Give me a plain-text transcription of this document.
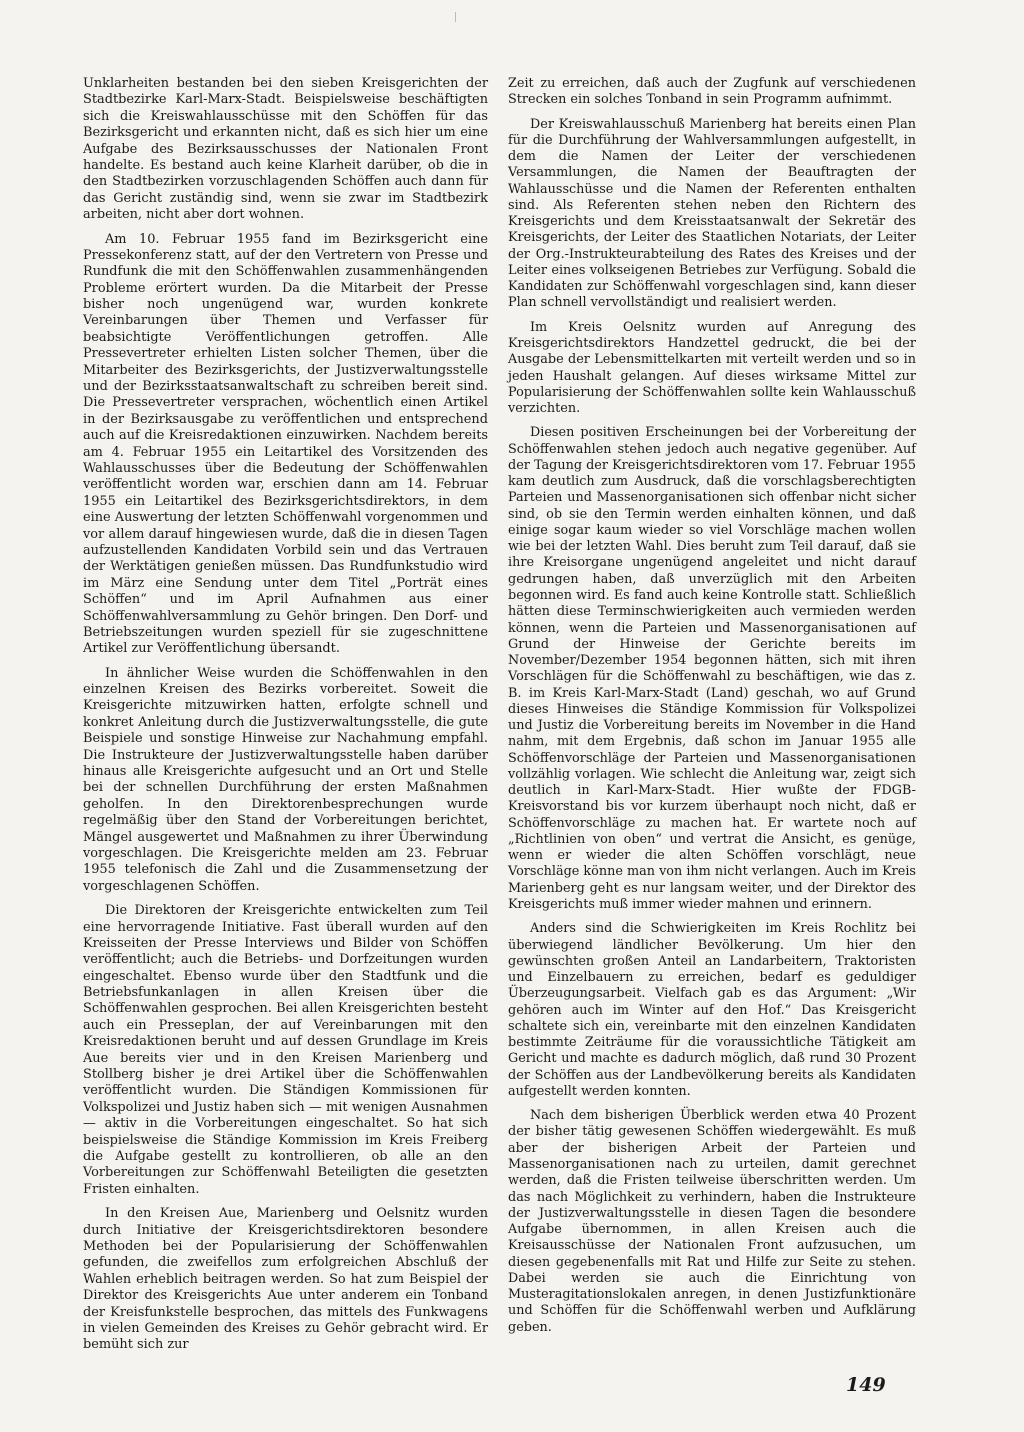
Unklarheiten bestanden bei den sieben Kreisgerichten der Stadtbezirke Karl-Marx-Stadt. Beispielsweise beschäftigten sich die Kreiswahlausschüsse mit den Schöffen für das Bezirksgericht und erkannten nicht, daß es sich hier um eine Aufgabe des Bezirksausschusses der Nationalen Front handelte. Es bestand auch keine Klarheit darüber, ob die in den Stadtbezirken vorzuschlagenden Schöffen auch dann für das Gericht zuständig sind, wenn sie zwar im Stadtbezirk arbeiten, nicht aber dort wohnen.

Am 10. Februar 1955 fand im Bezirksgericht eine Pressekonferenz statt, auf der den Vertretern von Presse und Rundfunk die mit den Schöffenwahlen zusammenhängenden Probleme erörtert wurden. Da die Mitarbeit der Presse bisher noch ungenügend war, wurden konkrete Vereinbarungen über Themen und Verfasser für beabsichtigte Veröffentlichungen getroffen. Alle Pressevertreter erhielten Listen solcher Themen, über die Mitarbeiter des Bezirksgerichts, der Justizverwaltungsstelle und der Bezirksstaatsanwaltschaft zu schreiben bereit sind. Die Pressevertreter versprachen, wöchentlich einen Artikel in der Bezirksausgabe zu veröffentlichen und entsprechend auch auf die Kreisredaktionen einzuwirken. Nachdem bereits am 4. Februar 1955 ein Leitartikel des Vorsitzenden des Wahlausschusses über die Bedeutung der Schöffenwahlen veröffentlicht worden war, erschien dann am 14. Februar 1955 ein Leitartikel des Bezirksgerichtsdirektors, in dem eine Auswertung der letzten Schöffenwahl vorgenommen und vor allem darauf hingewiesen wurde, daß die in diesen Tagen aufzustellenden Kandidaten Vorbild sein und das Vertrauen der Werktätigen genießen müssen. Das Rundfunkstudio wird im März eine Sendung unter dem Titel „Porträt eines Schöffen“ und im April Aufnahmen aus einer Schöffenwahlversammlung zu Gehör bringen. Den Dorf- und Betriebszeitungen wurden speziell für sie zugeschnittene Artikel zur Veröffentlichung übersandt.

In ähnlicher Weise wurden die Schöffenwahlen in den einzelnen Kreisen des Bezirks vorbereitet. Soweit die Kreisgerichte mitzuwirken hatten, erfolgte schnell und konkret Anleitung durch die Justizverwaltungsstelle, die gute Beispiele und sonstige Hinweise zur Nachahmung empfahl. Die Instrukteure der Justizverwaltungsstelle haben darüber hinaus alle Kreisgerichte aufgesucht und an Ort und Stelle bei der schnellen Durchführung der ersten Maßnahmen geholfen. In den Direktorenbesprechungen wurde regelmäßig über den Stand der Vorbereitungen berichtet, Mängel ausgewertet und Maßnahmen zu ihrer Überwindung vorgeschlagen. Die Kreisgerichte melden am 23. Februar 1955 telefonisch die Zahl und die Zusammensetzung der vorgeschlagenen Schöffen.

Die Direktoren der Kreisgerichte entwickelten zum Teil eine hervorragende Initiative. Fast überall wurden auf den Kreisseiten der Presse Interviews und Bilder von Schöffen veröffentlicht; auch die Betriebs- und Dorfzeitungen wurden eingeschaltet. Ebenso wurde über den Stadtfunk und die Betriebsfunkanlagen in allen Kreisen über die Schöffenwahlen gesprochen. Bei allen Kreisgerichten besteht auch ein Presseplan, der auf Vereinbarungen mit den Kreisredaktionen beruht und auf dessen Grundlage im Kreis Aue bereits vier und in den Kreisen Marienberg und Stollberg bisher je drei Artikel über die Schöffenwahlen veröffentlicht wurden. Die Ständigen Kommissionen für Volkspolizei und Justiz haben sich — mit wenigen Ausnahmen — aktiv in die Vorbereitungen eingeschaltet. So hat sich beispielsweise die Ständige Kommission im Kreis Freiberg die Aufgabe gestellt zu kontrollieren, ob alle an den Vorbereitungen zur Schöffenwahl Beteiligten die gesetzten Fristen einhalten.

In den Kreisen Aue, Marienberg und Oelsnitz wurden durch Initiative der Kreisgerichtsdirektoren besondere Methoden bei der Popularisierung der Schöffenwahlen gefunden, die zweifellos zum erfolgreichen Abschluß der Wahlen erheblich beitragen werden. So hat zum Beispiel der Direktor des Kreisgerichts Aue unter anderem ein Tonband der Kreisfunkstelle besprochen, das mittels des Funkwagens in vielen Gemeinden des Kreises zu Gehör gebracht wird. Er bemüht sich zur

Zeit zu erreichen, daß auch der Zugfunk auf verschiedenen Strecken ein solches Tonband in sein Programm aufnimmt.

Der Kreiswahlausschuß Marienberg hat bereits einen Plan für die Durchführung der Wahlversammlungen aufgestellt, in dem die Namen der Leiter der verschiedenen Versammlungen, die Namen der Beauftragten der Wahlausschüsse und die Namen der Referenten enthalten sind. Als Referenten stehen neben den Richtern des Kreisgerichts und dem Kreisstaatsanwalt der Sekretär des Kreisgerichts, der Leiter des Staatlichen Notariats, der Leiter der Org.-Instrukteurabteilung des Rates des Kreises und der Leiter eines volkseigenen Betriebes zur Verfügung. Sobald die Kandidaten zur Schöffenwahl vorgeschlagen sind, kann dieser Plan schnell vervollständigt und realisiert werden.

Im Kreis Oelsnitz wurden auf Anregung des Kreisgerichtsdirektors Handzettel gedruckt, die bei der Ausgabe der Lebensmittelkarten mit verteilt werden und so in jeden Haushalt gelangen. Auf dieses wirksame Mittel zur Popularisierung der Schöffenwahlen sollte kein Wahlausschuß verzichten.

Diesen positiven Erscheinungen bei der Vorbereitung der Schöffenwahlen stehen jedoch auch negative gegenüber. Auf der Tagung der Kreisgerichtsdirektoren vom 17. Februar 1955 kam deutlich zum Ausdruck, daß die vorschlagsberechtigten Parteien und Massenorganisationen sich offenbar nicht sicher sind, ob sie den Termin werden einhalten können, und daß einige sogar kaum wieder so viel Vorschläge machen wollen wie bei der letzten Wahl. Dies beruht zum Teil darauf, daß sie ihre Kreisorgane ungenügend angeleitet und nicht darauf gedrungen haben, daß unverzüglich mit den Arbeiten begonnen wird. Es fand auch keine Kontrolle statt. Schließlich hätten diese Terminschwierigkeiten auch vermieden werden können, wenn die Parteien und Massenorganisationen auf Grund der Hinweise der Gerichte bereits im November/Dezember 1954 begonnen hätten, sich mit ihren Vorschlägen für die Schöffenwahl zu beschäftigen, wie das z. B. im Kreis Karl-Marx-Stadt (Land) geschah, wo auf Grund dieses Hinweises die Ständige Kommission für Volkspolizei und Justiz die Vorbereitung bereits im November in die Hand nahm, mit dem Ergebnis, daß schon im Januar 1955 alle Schöffenvorschläge der Parteien und Massenorganisationen vollzählig vorlagen. Wie schlecht die Anleitung war, zeigt sich deutlich in Karl-Marx-Stadt. Hier wußte der FDGB-Kreisvorstand bis vor kurzem überhaupt noch nicht, daß er Schöffenvorschläge zu machen hat. Er wartete noch auf „Richtlinien von oben“ und vertrat die Ansicht, es genüge, wenn er wieder die alten Schöffen vorschlägt, neue Vorschläge könne man von ihm nicht verlangen. Auch im Kreis Marienberg geht es nur langsam weiter, und der Direktor des Kreisgerichts muß immer wieder mahnen und erinnern.

Anders sind die Schwierigkeiten im Kreis Rochlitz bei überwiegend ländlicher Bevölkerung. Um hier den gewünschten großen Anteil an Landarbeitern, Traktoristen und Einzelbauern zu erreichen, bedarf es geduldiger Überzeugungsarbeit. Vielfach gab es das Argument: „Wir gehören auch im Winter auf den Hof.“ Das Kreisgericht schaltete sich ein, vereinbarte mit den einzelnen Kandidaten bestimmte Zeiträume für die voraussichtliche Tätigkeit am Gericht und machte es dadurch möglich, daß rund 30 Prozent der Schöffen aus der Landbevölkerung bereits als Kandidaten aufgestellt werden konnten.

Nach dem bisherigen Überblick werden etwa 40 Prozent der bisher tätig gewesenen Schöffen wiedergewählt. Es muß aber der bisherigen Arbeit der Parteien und Massenorganisationen nach zu urteilen, damit gerechnet werden, daß die Fristen teilweise überschritten werden. Um das nach Möglichkeit zu verhindern, haben die Instrukteure der Justizverwaltungsstelle in diesen Tagen die besondere Aufgabe übernommen, in allen Kreisen auch die Kreisausschüsse der Nationalen Front aufzusuchen, um diesen gegebenenfalls mit Rat und Hilfe zur Seite zu stehen. Dabei werden sie auch die Einrichtung von Musteragitationslokalen anregen, in denen Justizfunktionäre und Schöffen für die Schöffenwahl werben und Aufklärung geben.

149
